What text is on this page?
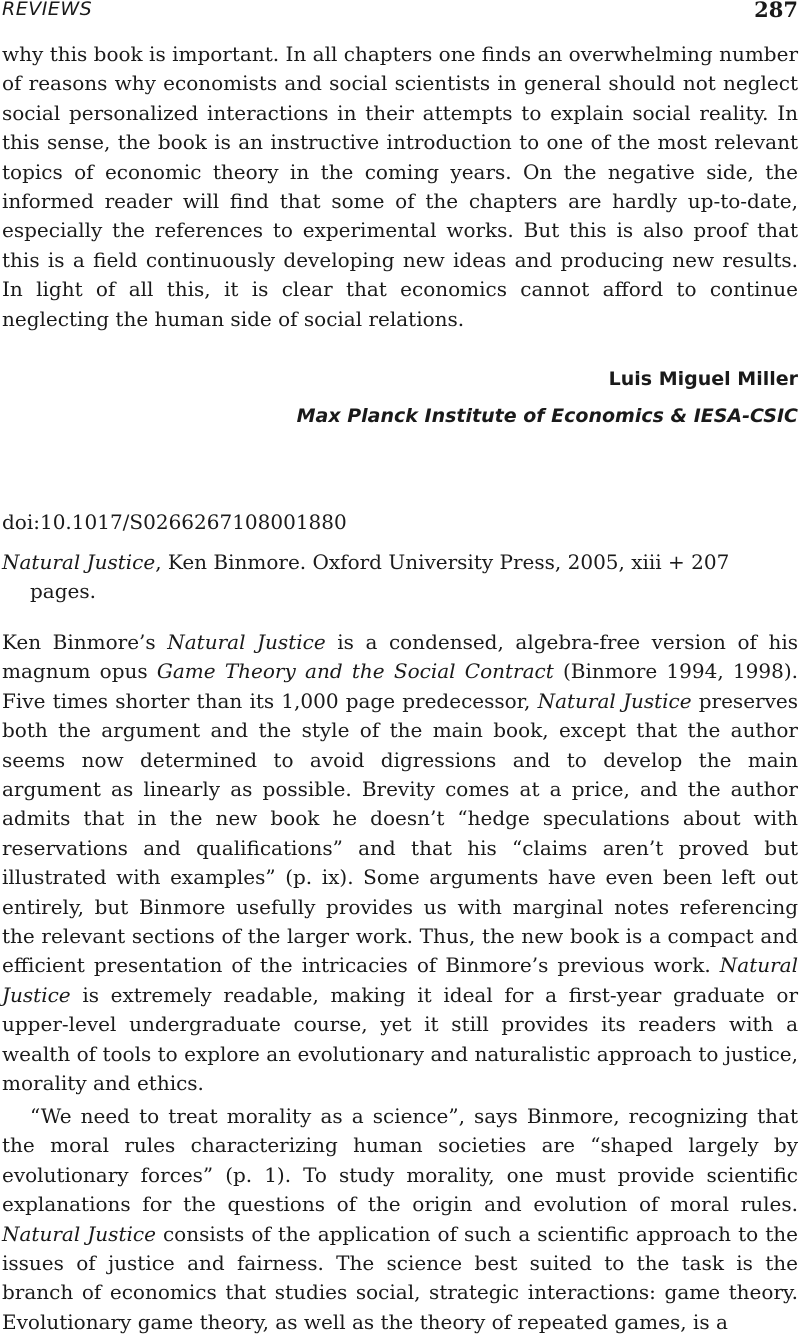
REVIEWS	287

why this book is important. In all chapters one finds an overwhelming number of reasons why economists and social scientists in general should not neglect social personalized interactions in their attempts to explain social reality. In this sense, the book is an instructive introduction to one of the most relevant topics of economic theory in the coming years. On the negative side, the informed reader will find that some of the chapters are hardly up-to-date, especially the references to experimental works. But this is also proof that this is a field continuously developing new ideas and producing new results. In light of all this, it is clear that economics cannot afford to continue neglecting the human side of social relations.

Luis Miguel Miller
Max Planck Institute of Economics & IESA-CSIC
doi:10.1017/S0266267108001880
Natural Justice, Ken Binmore. Oxford University Press, 2005, xiii + 207 pages.

Ken Binmore’s Natural Justice is a condensed, algebra-free version of his magnum opus Game Theory and the Social Contract (Binmore 1994, 1998). Five times shorter than its 1,000 page predecessor, Natural Justice preserves both the argument and the style of the main book, except that the author seems now determined to avoid digressions and to develop the main argument as linearly as possible. Brevity comes at a price, and the author admits that in the new book he doesn’t “hedge speculations about with reservations and qualifications” and that his “claims aren’t proved but illustrated with examples” (p. ix). Some arguments have even been left out entirely, but Binmore usefully provides us with marginal notes referencing the relevant sections of the larger work. Thus, the new book is a compact and efficient presentation of the intricacies of Binmore’s previous work. Natural Justice is extremely readable, making it ideal for a first-year graduate or upper-level undergraduate course, yet it still provides its readers with a wealth of tools to explore an evolutionary and naturalistic approach to justice, morality and ethics.

“We need to treat morality as a science”, says Binmore, recognizing that the moral rules characterizing human societies are “shaped largely by evolutionary forces” (p. 1). To study morality, one must provide scientific explanations for the questions of the origin and evolution of moral rules. Natural Justice consists of the application of such a scientific approach to the issues of justice and fairness. The science best suited to the task is the branch of economics that studies social, strategic interactions: game theory. Evolutionary game theory, as well as the theory of repeated games, is a
